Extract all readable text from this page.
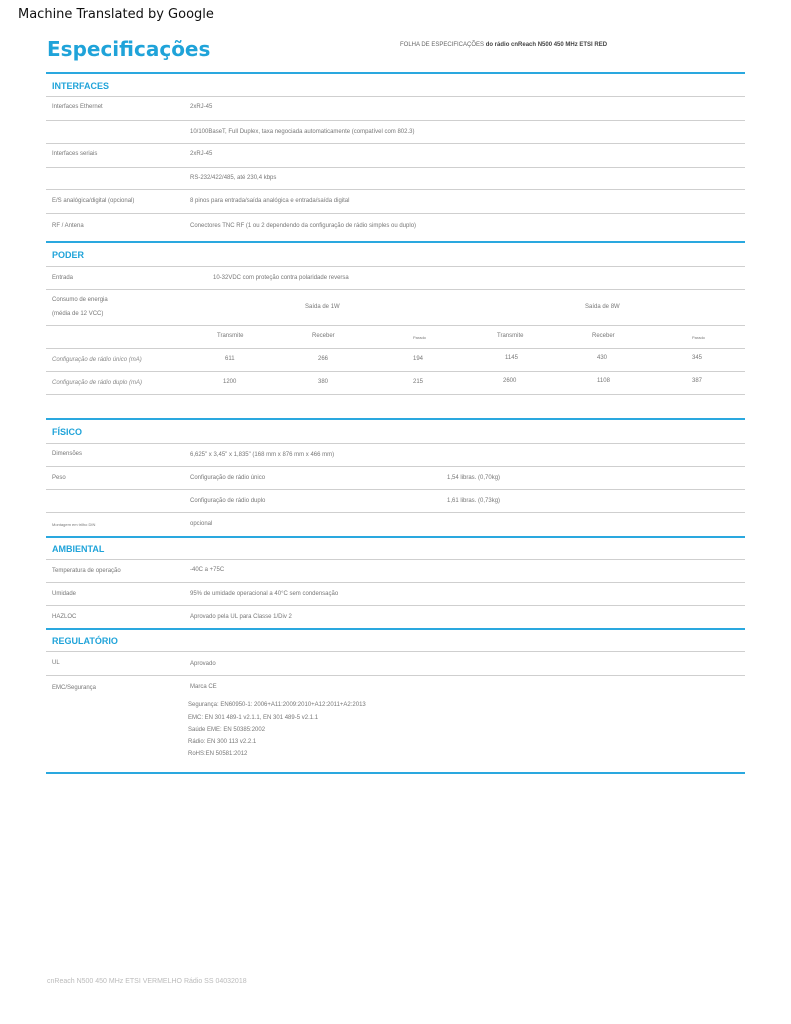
Machine Translated by Google
Especificações	FOLHA DE ESPECIFICAÇÕES do rádio cnReach N500 450 MHz ETSI RED
INTERFACES
Interfaces Ethernet	2xRJ-45
10/100BaseT, Full Duplex, taxa negociada automaticamente (compatível com 802.3)
Interfaces seriais	2xRJ-45
RS-232/422/485, até 230,4 kbps
E/S analógica/digital (opcional)	8 pinos para entrada/saída analógica e entrada/saída digital
RF / Antena	Conectores TNC RF (1 ou 2 dependendo da configuração de rádio simples ou duplo)
PODER
Entrada	10-32VDC com proteção contra polaridade reversa
Consumo de energia
(média de 12 VCC)
Saída de 1W	Saída de 8W
Transmite	Receber	Parado	Transmite	Receber	Parado
Configuração de rádio único (mA)	611	266	194	1145	430	345
Configuração de rádio duplo (mA)	1200	380	215	2600	1108	387
FÍSICO
Dimensões	6,625" x 3,45" x 1,835" (168 mm x 876 mm x 466 mm)
Peso	Configuração de rádio único	1,54 libras. (0,70kg)
Configuração de rádio duplo	1,61 libras. (0,73kg)
Montagem em trilho DIN	opcional
AMBIENTAL
Temperatura de operação	-40C a +75C
Umidade	95% de umidade operacional a 40°C sem condensação
HAZLOC	Aprovado pela UL para Classe 1/Div 2
REGULATÓRIO
UL	Aprovado
EMC/Segurança	Marca CE
Segurança: EN60950-1: 2006+A11:2009:2010+A12:2011+A2:2013
EMC: EN 301 489-1 v2.1.1, EN 301 489-5 v2.1.1
Saúde EME: EN 50385:2002
Rádio: EN 300 113 v2.2.1
RoHS:EN 50581:2012
cnReach N500 450 MHz ETSI VERMELHO Rádio SS 04032018
